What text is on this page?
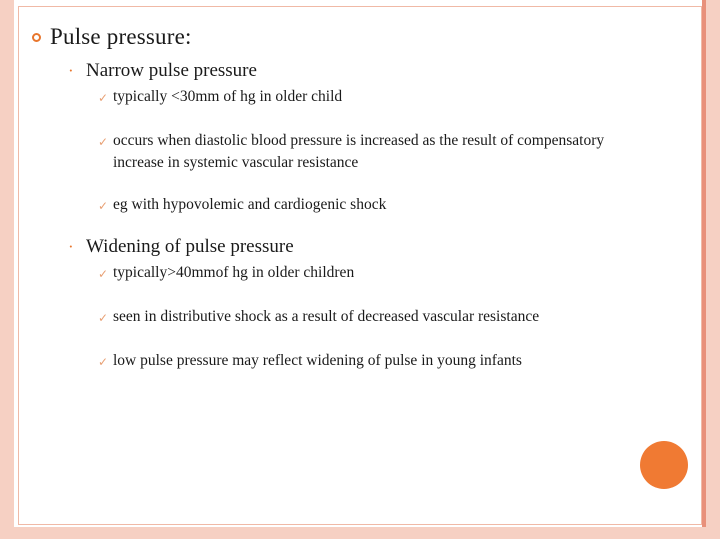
Pulse pressure:
· Narrow pulse pressure
✓ typically <30mm of hg in older child
✓ occurs when diastolic blood pressure is increased as the result of compensatory increase in systemic vascular resistance
✓ eg with hypovolemic and cardiogenic shock
· Widening of pulse pressure
✓ typically>40mmof hg in older children
✓ seen in distributive shock as a result of decreased vascular resistance
✓ low pulse pressure may reflect widening of pulse in young infants
